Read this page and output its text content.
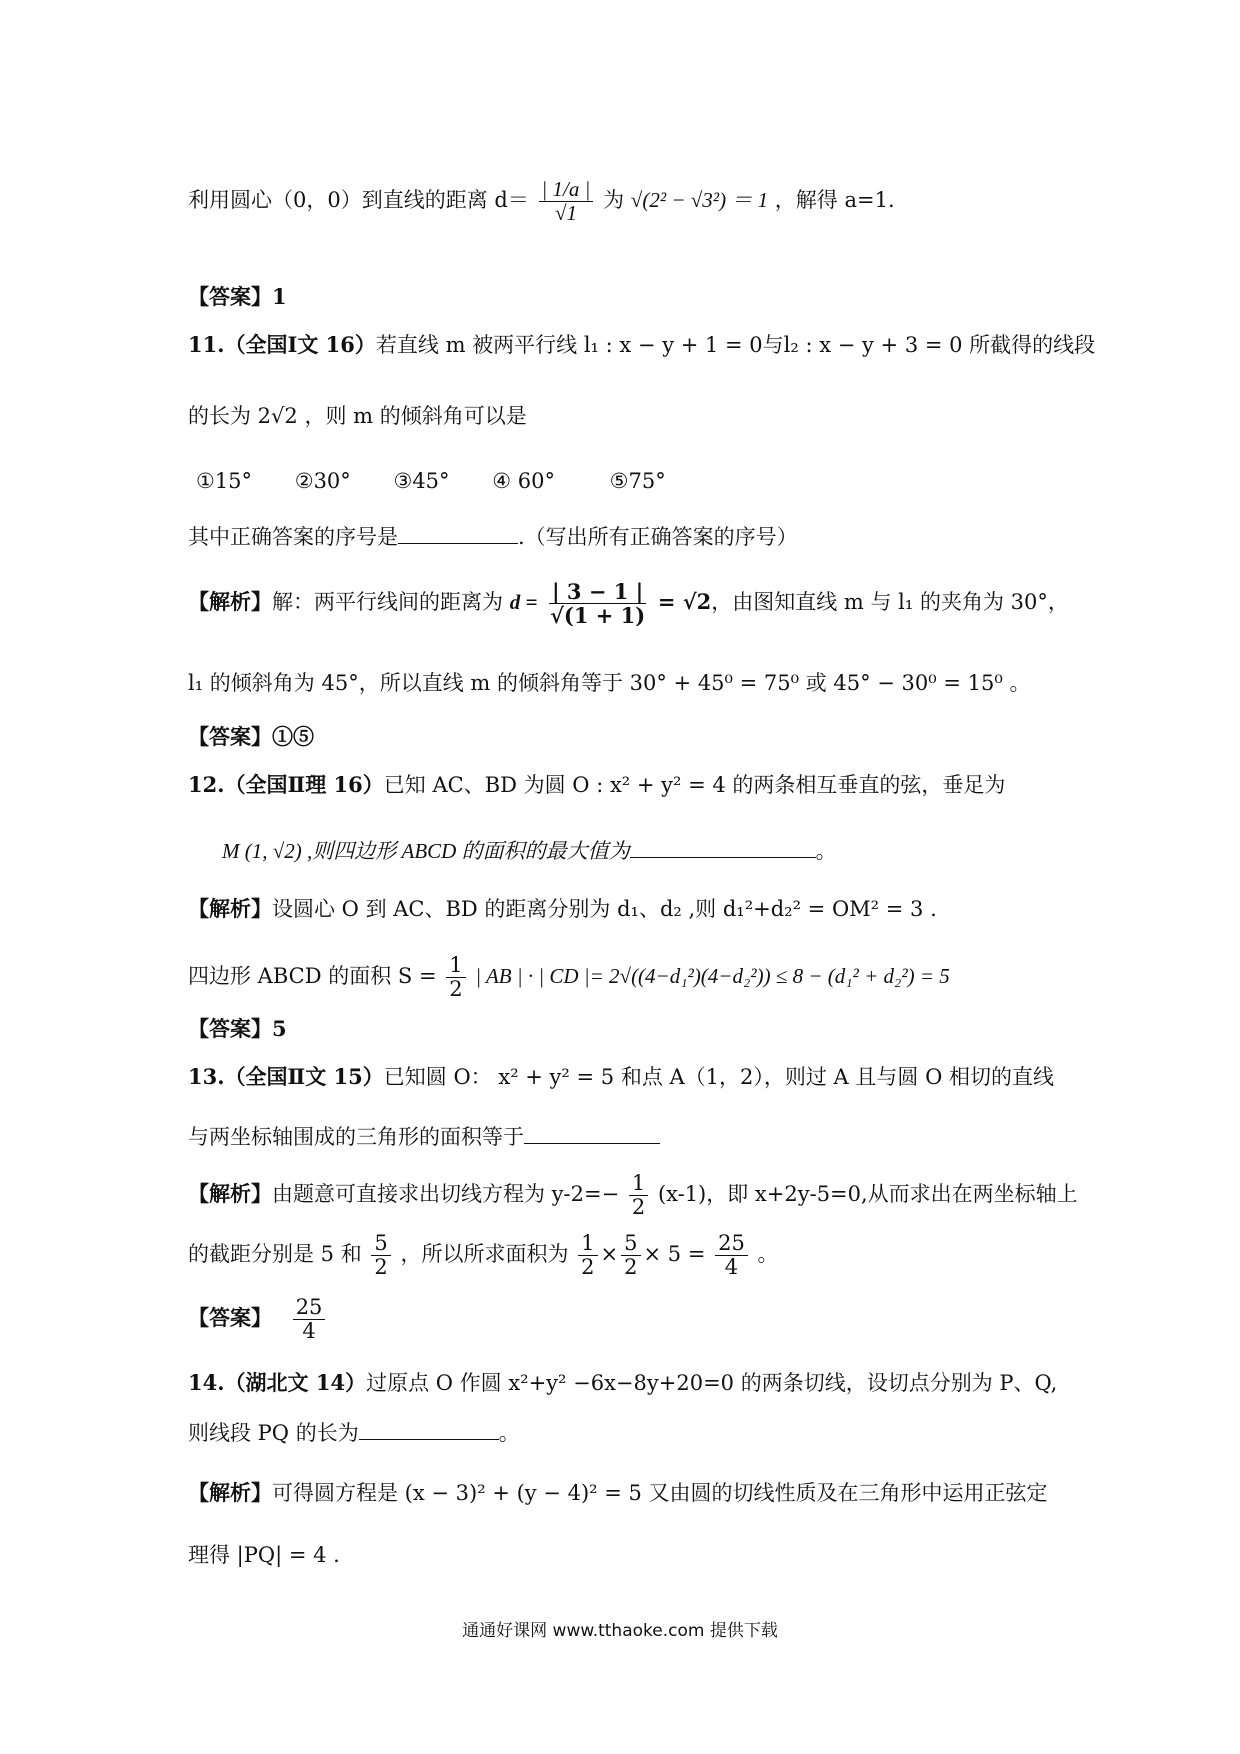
利用圆心（0，0）到直线的距离 $d= \frac{| 1/a |}{√1}$ 为 √(2² − √3²) ＝ 1 ，解得 a=1.
【答案】1
11.（全国Ⅰ文 16）若直线 m 被两平行线 l₁ : x − y + 1 = 0与l₂ : x − y + 3 = 0 所截得的线段
的长为 2√2 ，则 m 的倾斜角可以是
①15° ②30° ③45° ④ 60°	⑤75°
其中正确答案的序号是	.（写出所有正确答案的序号）
【解析】解：两平行线间的距离为 $d = \frac{| 3 - 1 |}{√(1 + 1)} = √2$，由图知直线 m 与 l₁ 的夹角为 30°，
l₁ 的倾斜角为 45°，所以直线 m 的倾斜角等于 30° + 45⁰ = 75⁰ 或 45° − 30⁰ = 15⁰ 。
【答案】①⑤
12.（全国Ⅱ理 16）已知 AC、BD 为圆 O : x² + y² = 4 的两条相互垂直的弦，垂足为
M (1, √2) ,则四边形 ABCD 的面积的最大值为	。
【解析】设圆心 O 到 AC、BD 的距离分别为 d₁、d₂ ,则 d₁²+d₂² = OM² = 3 .
四边形 ABCD 的面积 $S = \frac{1}{2}$ | AB | · | CD |= 2√((4−d₁²)(4−d₂²)) ≤ 8 − (d₁² + d₂²) = 5
【答案】5
13.（全国Ⅱ文 15）已知圆 O： x² + y² = 5 和点 A（1，2），则过 A 且与圆 O 相切的直线
与两坐标轴围成的三角形的面积等于
【解析】由题意可直接求出切线方程为 $y-2=- \frac{1}{2} (x-1)$，即 x+2y-5=0,从而求出在两坐标轴上
的截距分别是 5 和 $\frac{5}{2}$ ，所以所求面积为 $\frac{1}{2} \times \frac{5}{2} \times 5 = \frac{25}{4}$ 。
【答案】 $\frac{25}{4}$
14.（湖北文 14）过原点 O 作圆 x²+y² −6x−8y+20=0 的两条切线，设切点分别为 P、Q,
则线段 PQ 的长为	。
【解析】可得圆方程是 (x − 3)² + (y − 4)² = 5 又由圆的切线性质及在三角形中运用正弦定
理得 |PQ| = 4 .
通通好课网 www.tthaoke.com 提供下载
